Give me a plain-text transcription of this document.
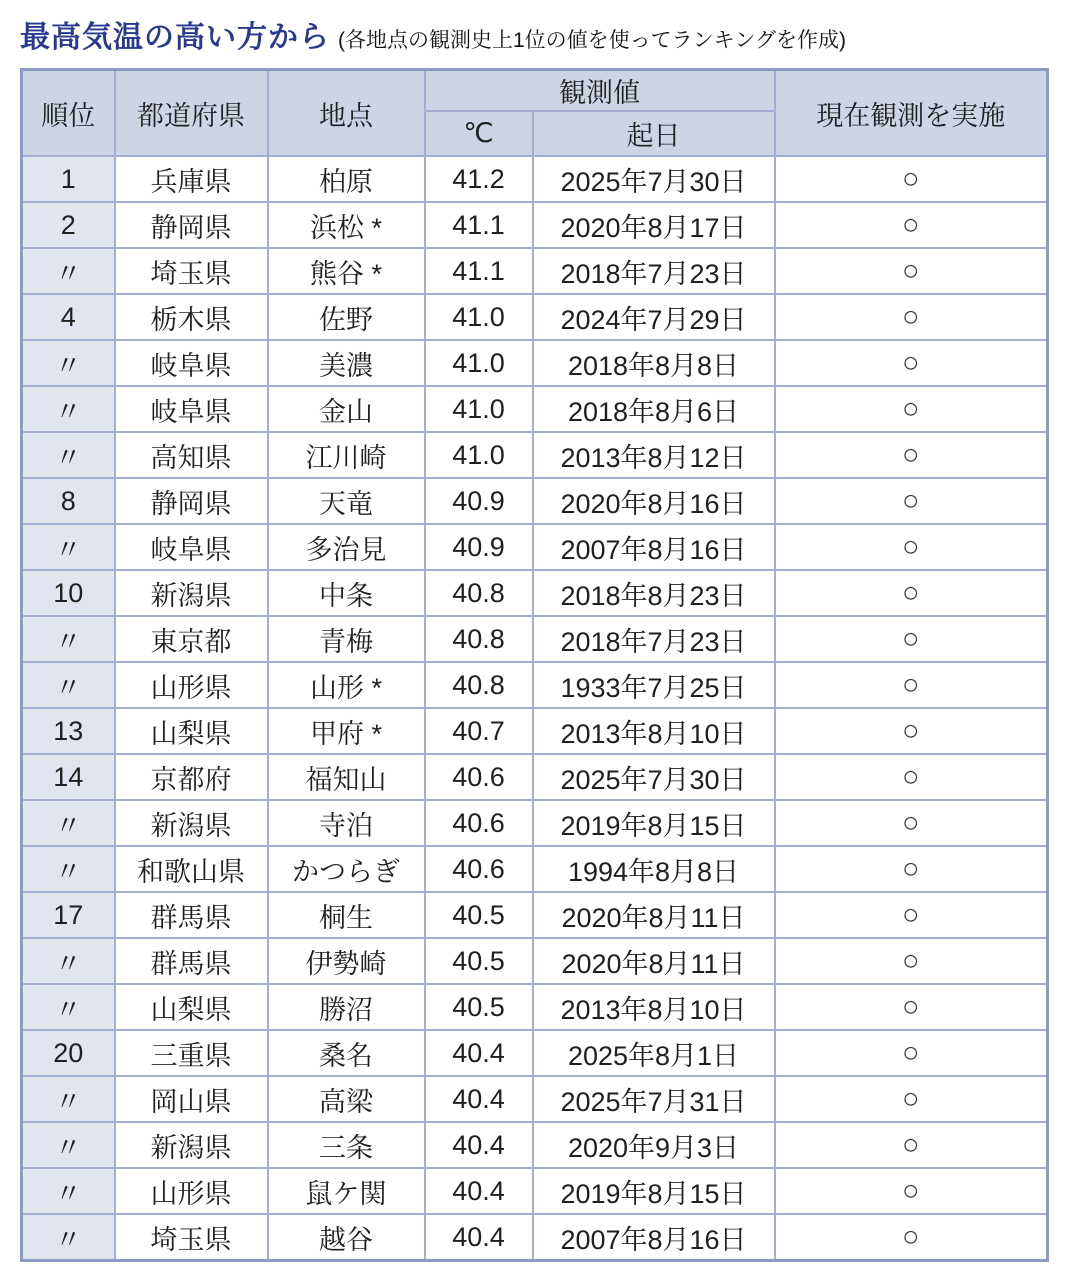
最高気温の高い方から (各地点の観測史上1位の値を使ってランキングを作成)
順位	都道府県	地点	観測値		現在観測を実施
			℃	起日	
1	兵庫県	柏原	41.2	2025年7月30日	○
2	静岡県	浜松 *	41.1	2020年8月17日	○
〃	埼玉県	熊谷 *	41.1	2018年7月23日	○
4	栃木県	佐野	41.0	2024年7月29日	○
〃	岐阜県	美濃	41.0	2018年8月8日	○
〃	岐阜県	金山	41.0	2018年8月6日	○
〃	高知県	江川崎	41.0	2013年8月12日	○
8	静岡県	天竜	40.9	2020年8月16日	○
〃	岐阜県	多治見	40.9	2007年8月16日	○
10	新潟県	中条	40.8	2018年8月23日	○
〃	東京都	青梅	40.8	2018年7月23日	○
〃	山形県	山形 *	40.8	1933年7月25日	○
13	山梨県	甲府 *	40.7	2013年8月10日	○
14	京都府	福知山	40.6	2025年7月30日	○
〃	新潟県	寺泊	40.6	2019年8月15日	○
〃	和歌山県	かつらぎ	40.6	1994年8月8日	○
17	群馬県	桐生	40.5	2020年8月11日	○
〃	群馬県	伊勢崎	40.5	2020年8月11日	○
〃	山梨県	勝沼	40.5	2013年8月10日	○
20	三重県	桑名	40.4	2025年8月1日	○
〃	岡山県	高梁	40.4	2025年7月31日	○
〃	新潟県	三条	40.4	2020年9月3日	○
〃	山形県	鼠ケ関	40.4	2019年8月15日	○
〃	埼玉県	越谷	40.4	2007年8月16日	○
